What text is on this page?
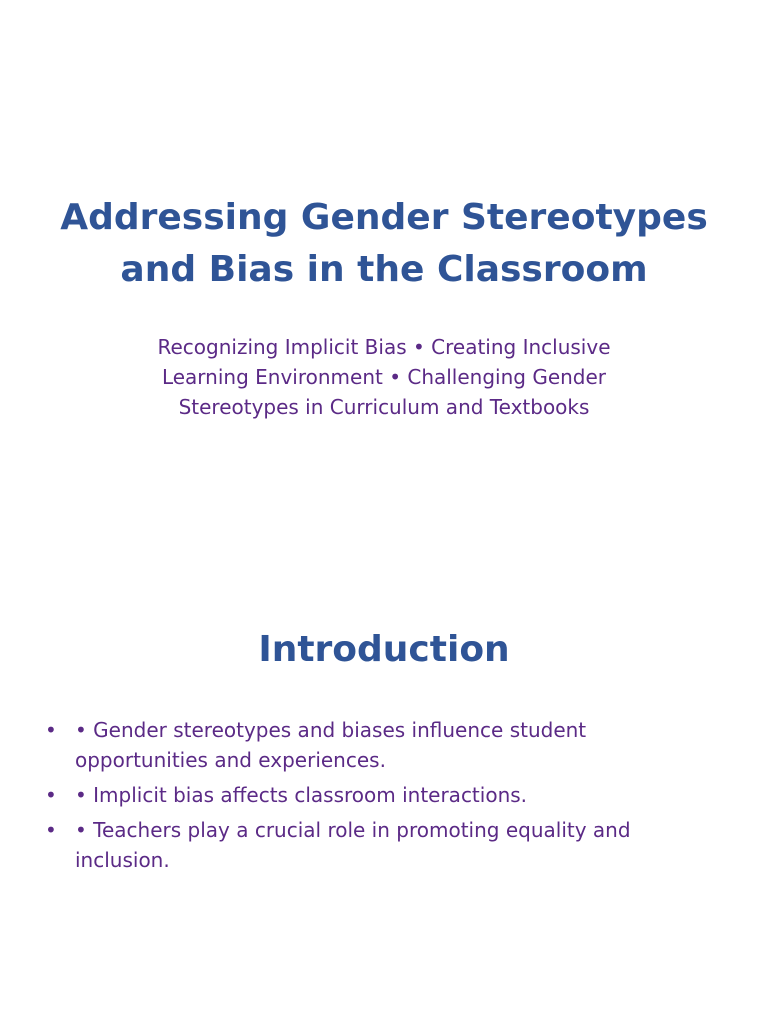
Addressing Gender Stereotypes and Bias in the Classroom

Recognizing Implicit Bias • Creating Inclusive Learning Environment • Challenging Gender Stereotypes in Curriculum and Textbooks

Introduction
• • Gender stereotypes and biases influence student opportunities and experiences.
• • Implicit bias affects classroom interactions.
• • Teachers play a crucial role in promoting equality and inclusion.
